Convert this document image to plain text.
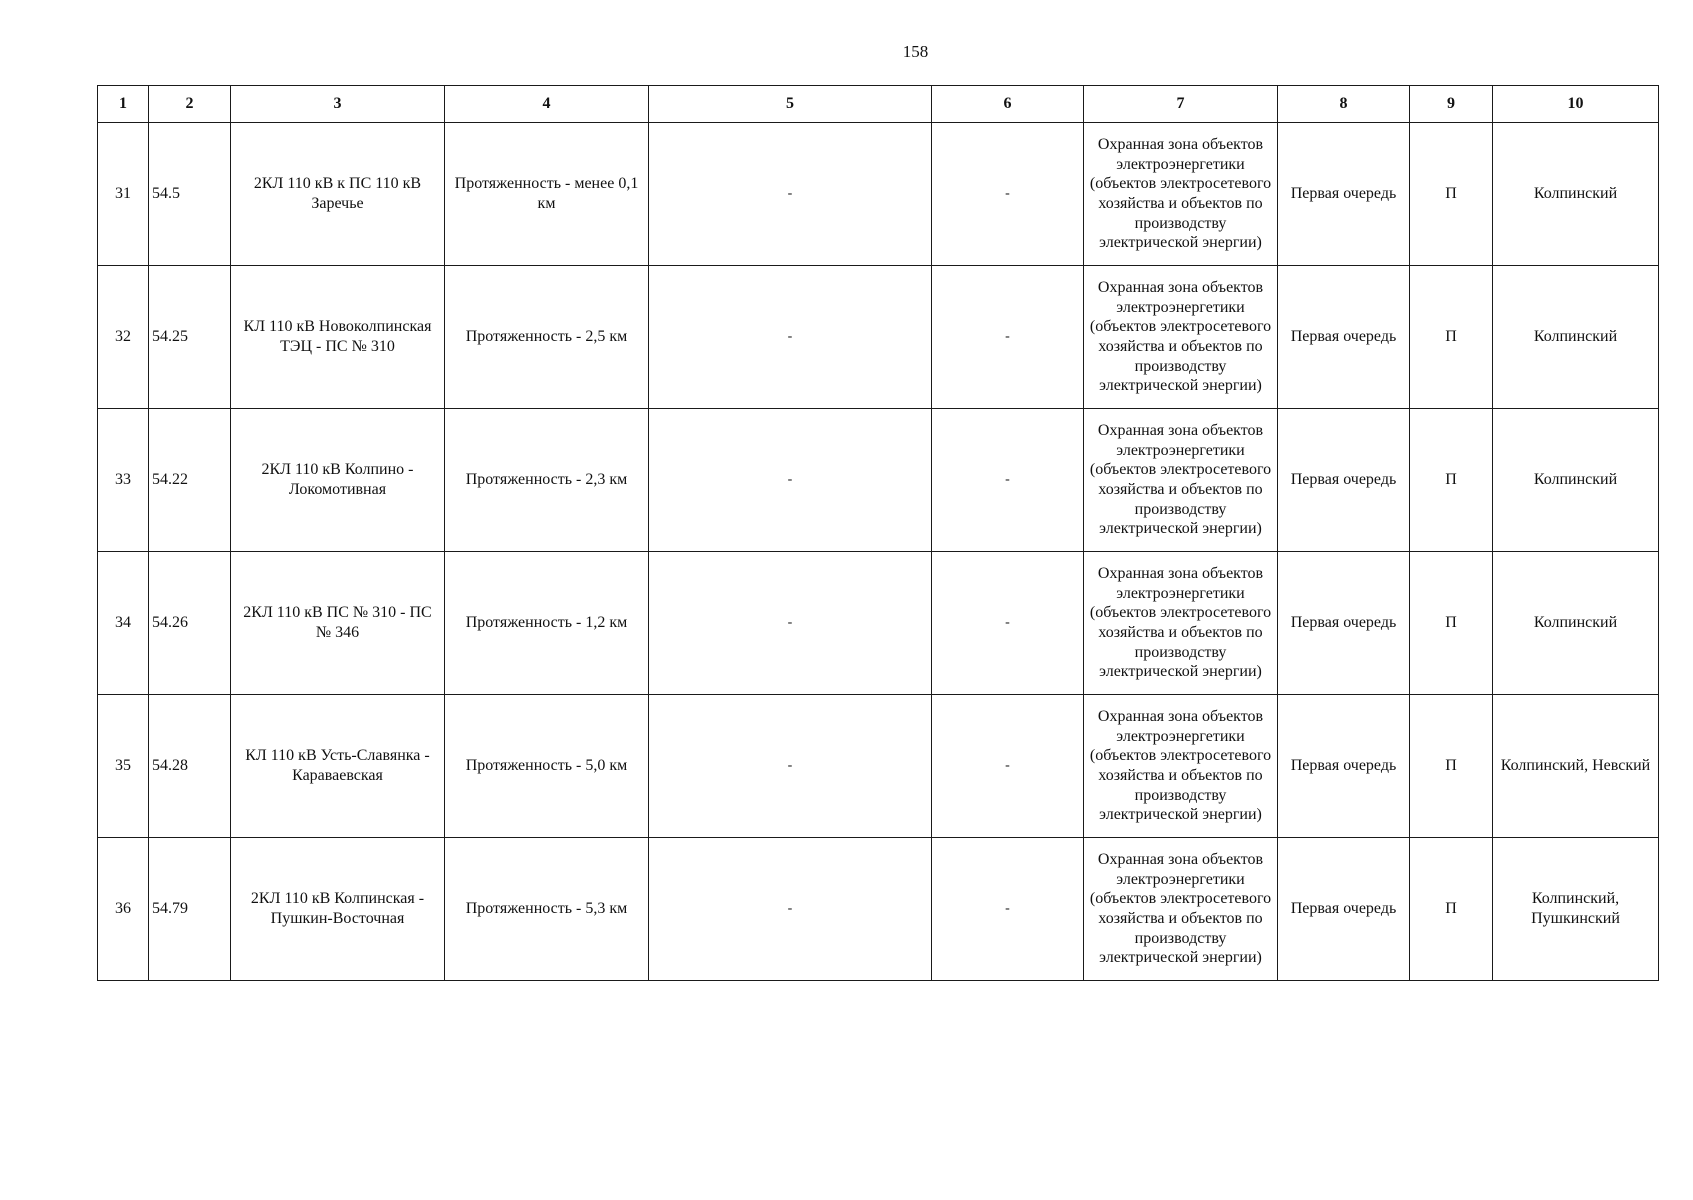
158
1	2	3	4	5	6	7	8	9	10
31	54.5	2КЛ 110 кВ к ПС 110 кВ Заречье	Протяженность - менее 0,1 км	-	-	Охранная зона объектов электроэнергетики (объектов электросетевого хозяйства и объектов по производству электрической энергии)	Первая очередь	П	Колпинский
32	54.25	КЛ 110 кВ Новоколпинская ТЭЦ - ПС № 310	Протяженность - 2,5 км	-	-	Охранная зона объектов электроэнергетики (объектов электросетевого хозяйства и объектов по производству электрической энергии)	Первая очередь	П	Колпинский
33	54.22	2КЛ 110 кВ Колпино - Локомотивная	Протяженность - 2,3 км	-	-	Охранная зона объектов электроэнергетики (объектов электросетевого хозяйства и объектов по производству электрической энергии)	Первая очередь	П	Колпинский
34	54.26	2КЛ 110 кВ ПС № 310 - ПС № 346	Протяженность - 1,2 км	-	-	Охранная зона объектов электроэнергетики (объектов электросетевого хозяйства и объектов по производству электрической энергии)	Первая очередь	П	Колпинский
35	54.28	КЛ 110 кВ Усть-Славянка - Караваевская	Протяженность - 5,0 км	-	-	Охранная зона объектов электроэнергетики (объектов электросетевого хозяйства и объектов по производству электрической энергии)	Первая очередь	П	Колпинский, Невский
36	54.79	2КЛ 110 кВ Колпинская - Пушкин-Восточная	Протяженность - 5,3 км	-	-	Охранная зона объектов электроэнергетики (объектов электросетевого хозяйства и объектов по производству электрической энергии)	Первая очередь	П	Колпинский, Пушкинский
